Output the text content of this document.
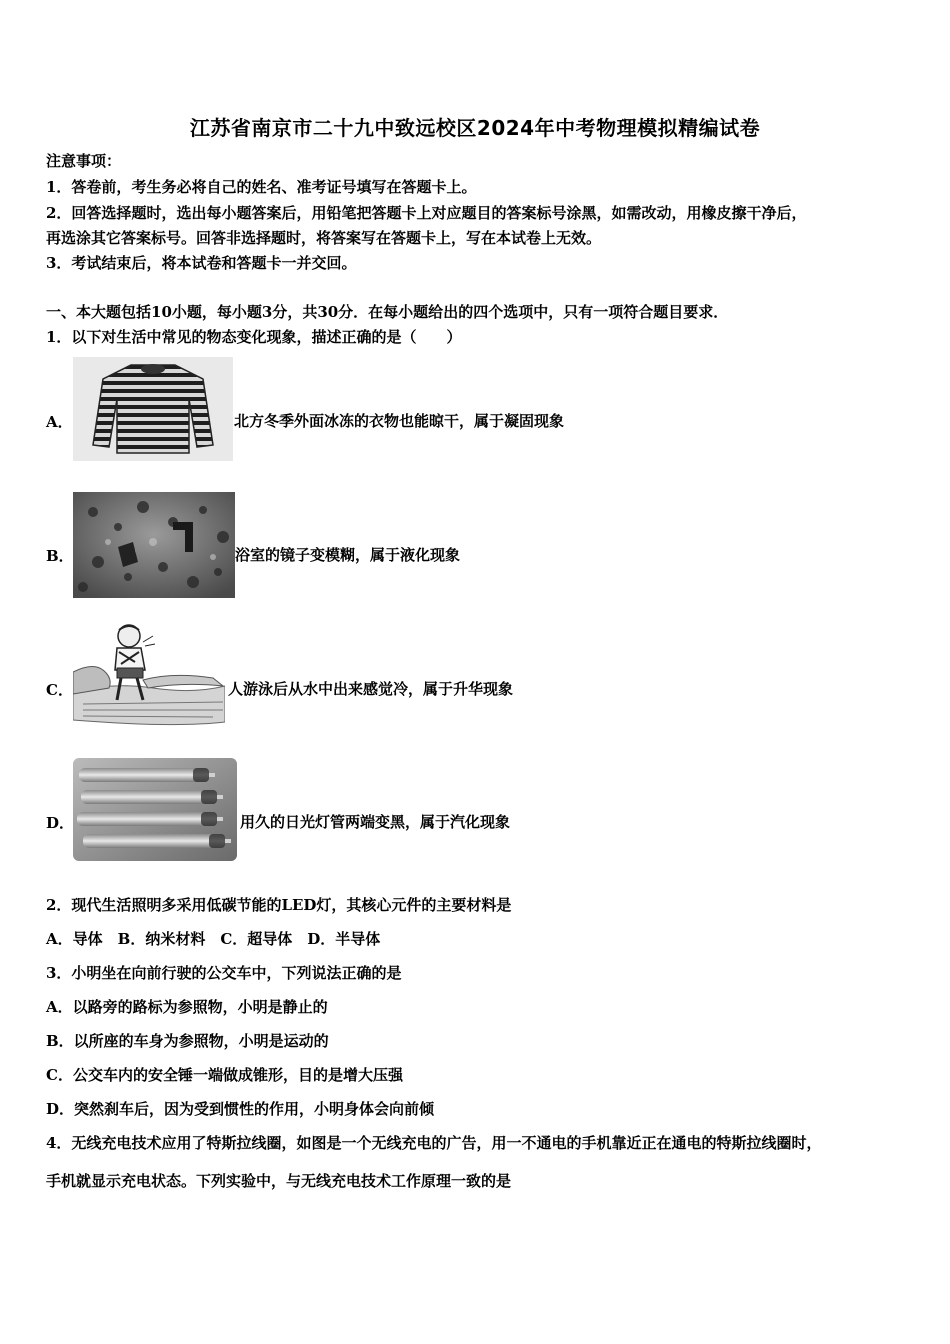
江苏省南京市二十九中致远校区2024年中考物理模拟精编试卷
注意事项：
1．答卷前，考生务必将自己的姓名、准考证号填写在答题卡上。
2．回答选择题时，选出每小题答案后，用铅笔把答题卡上对应题目的答案标号涂黑，如需改动，用橡皮擦干净后，
再选涂其它答案标号。回答非选择题时，将答案写在答题卡上，写在本试卷上无效。
3．考试结束后，将本试卷和答题卡一并交回。
一、本大题包括10小题，每小题3分，共30分．在每小题给出的四个选项中，只有一项符合题目要求．
1．以下对生活中常见的物态变化现象，描述正确的是（　　）
A．	北方冬季外面冰冻的衣物也能晾干，属于凝固现象
B．	浴室的镜子变模糊，属于液化现象
C．	人游泳后从水中出来感觉冷，属于升华现象
D．	用久的日光灯管两端变黑，属于汽化现象
2．现代生活照明多采用低碳节能的LED灯，其核心元件的主要材料是
A．导体　B．纳米材料　C．超导体　D．半导体
3．小明坐在向前行驶的公交车中，下列说法正确的是
A．以路旁的路标为参照物，小明是静止的
B．以所座的车身为参照物，小明是运动的
C．公交车内的安全锤一端做成锥形，目的是增大压强
D．突然刹车后，因为受到惯性的作用，小明身体会向前倾
4．无线充电技术应用了特斯拉线圈，如图是一个无线充电的广告，用一不通电的手机靠近正在通电的特斯拉线圈时，
手机就显示充电状态。下列实验中，与无线充电技术工作原理一致的是
